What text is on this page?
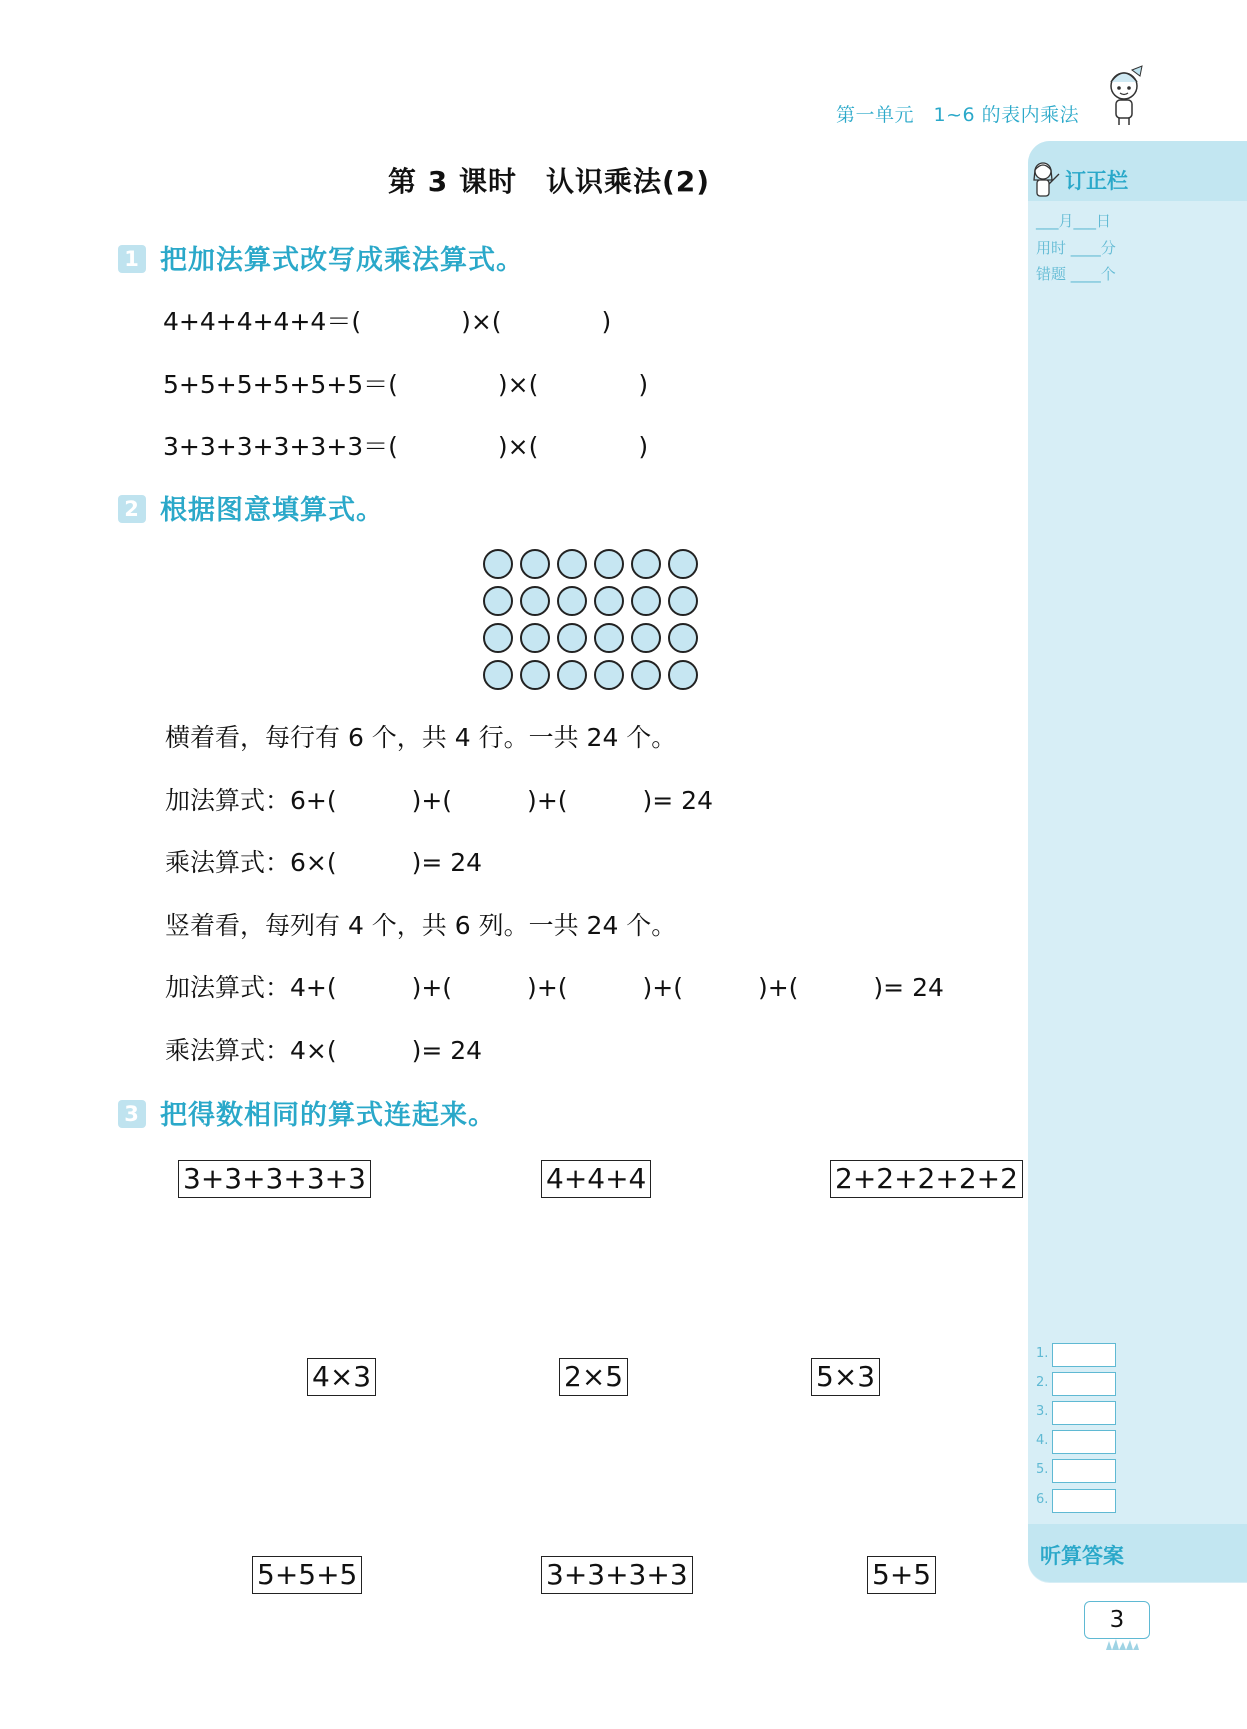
第一单元　1~6 的表内乘法
订正栏
___月___日
用时 ____分
错题 ____个
1.
2.
3.
4.
5.
6.
听算答案
3
第 3 课时　认识乘法(2)
1 把加法算式改写成乘法算式。
4+4+4+4+4＝(　　　　)×(　　　　)
5+5+5+5+5+5＝(　　　　)×(　　　　)
3+3+3+3+3+3＝(　　　　)×(　　　　)
2 根据图意填算式。
横着看，每行有 6 个，共 4 行。一共 24 个。
加法算式：6+(　　　)+(　　　)+(　　　)= 24
乘法算式：6×(　　　)= 24
竖着看，每列有 4 个，共 6 列。一共 24 个。
加法算式：4+(　　　)+(　　　)+(　　　)+(　　　)+(　　　)= 24
乘法算式：4×(　　　)= 24
3 把得数相同的算式连起来。
3+3+3+3+3	4+4+4	2+2+2+2+2
4×3	2×5	5×3
5+5+5	3+3+3+3	5+5
